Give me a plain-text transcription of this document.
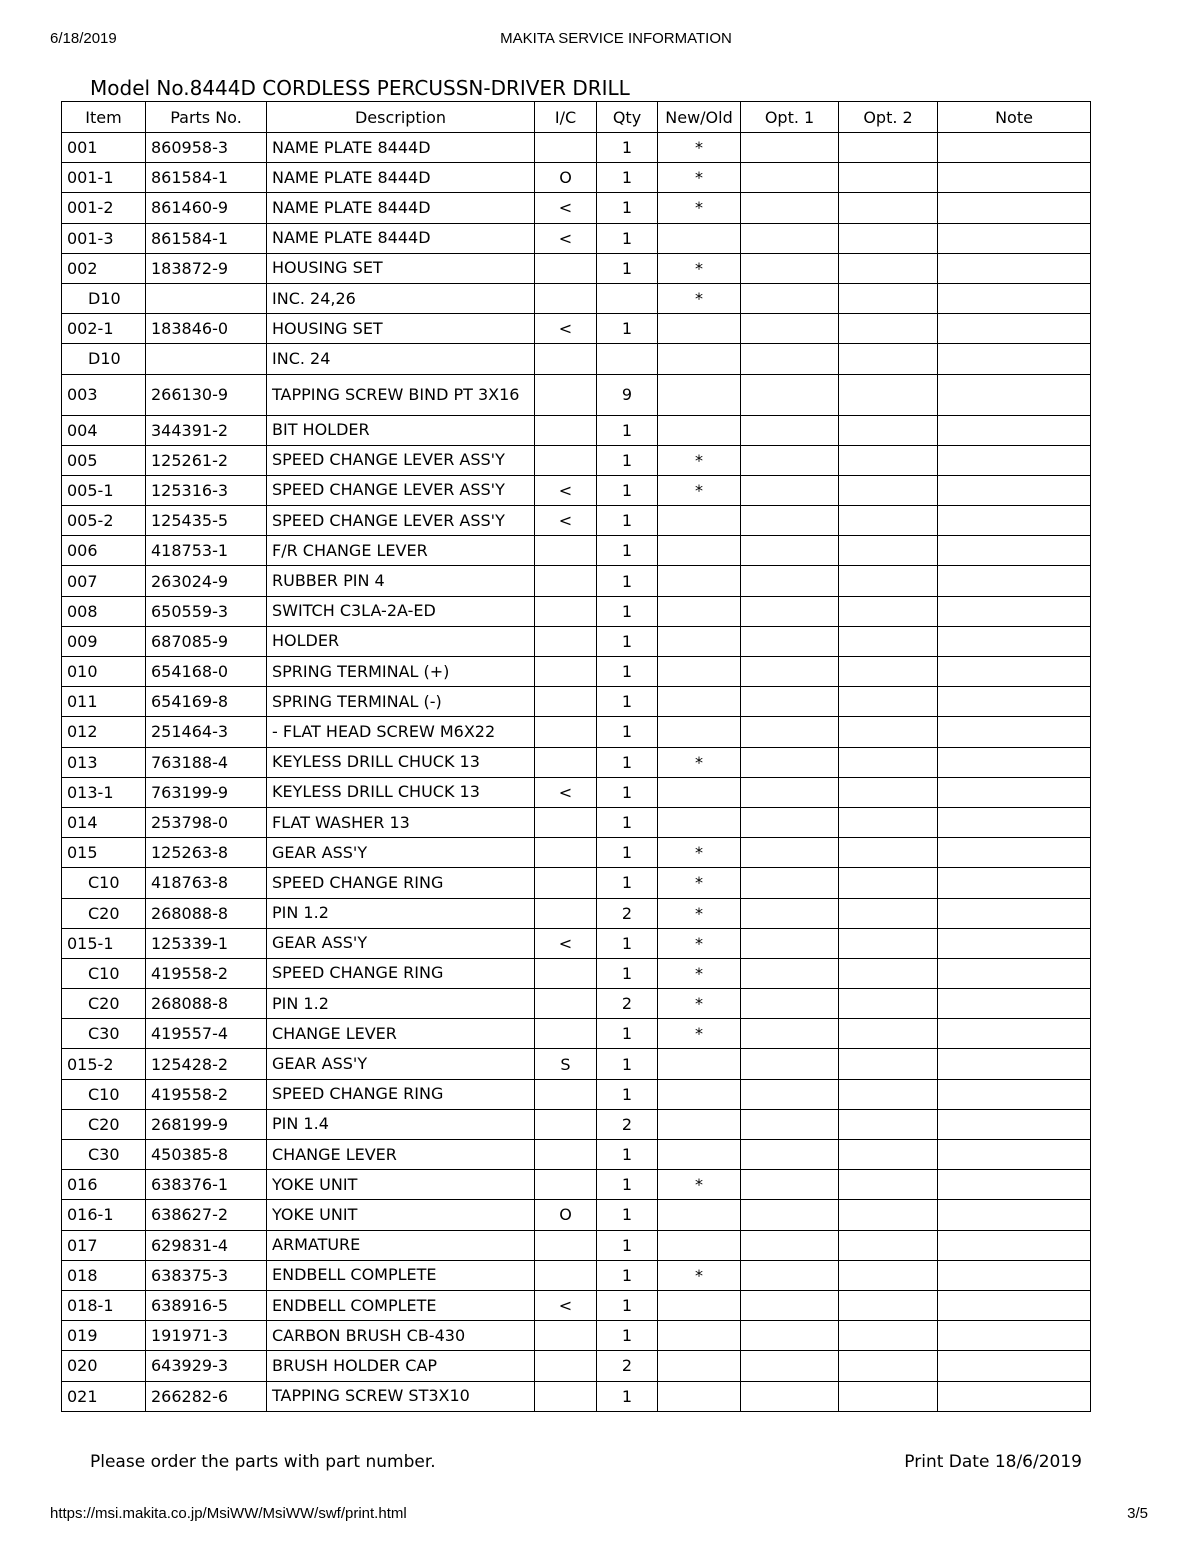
6/18/2019	MAKITA SERVICE INFORMATION
Model No.8444D CORDLESS PERCUSSN-DRIVER DRILL
Item	Parts No.	Description	I/C	Qty	New/Old	Opt. 1	Opt. 2	Note
001	860958-3	NAME PLATE 8444D		1	*			
001-1	861584-1	NAME PLATE 8444D	O	1	*			
001-2	861460-9	NAME PLATE 8444D	<	1	*			
001-3	861584-1	NAME PLATE 8444D	<	1				
002	183872-9	HOUSING SET		1	*			
D10		INC. 24,26			*			
002-1	183846-0	HOUSING SET	<	1				
D10		INC. 24						
003	266130-9	TAPPING SCREW BIND PT 3X16		9				
004	344391-2	BIT HOLDER		1				
005	125261-2	SPEED CHANGE LEVER ASS'Y		1	*			
005-1	125316-3	SPEED CHANGE LEVER ASS'Y	<	1	*			
005-2	125435-5	SPEED CHANGE LEVER ASS'Y	<	1				
006	418753-1	F/R CHANGE LEVER		1				
007	263024-9	RUBBER PIN 4		1				
008	650559-3	SWITCH C3LA-2A-ED		1				
009	687085-9	HOLDER		1				
010	654168-0	SPRING TERMINAL (+)		1				
011	654169-8	SPRING TERMINAL (-)		1				
012	251464-3	- FLAT HEAD SCREW M6X22		1				
013	763188-4	KEYLESS DRILL CHUCK 13		1	*			
013-1	763199-9	KEYLESS DRILL CHUCK 13	<	1				
014	253798-0	FLAT WASHER 13		1				
015	125263-8	GEAR ASS'Y		1	*			
C10	418763-8	SPEED CHANGE RING		1	*			
C20	268088-8	PIN 1.2		2	*			
015-1	125339-1	GEAR ASS'Y	<	1	*			
C10	419558-2	SPEED CHANGE RING		1	*			
C20	268088-8	PIN 1.2		2	*			
C30	419557-4	CHANGE LEVER		1	*			
015-2	125428-2	GEAR ASS'Y	S	1				
C10	419558-2	SPEED CHANGE RING		1				
C20	268199-9	PIN 1.4		2				
C30	450385-8	CHANGE LEVER		1				
016	638376-1	YOKE UNIT		1	*			
016-1	638627-2	YOKE UNIT	O	1				
017	629831-4	ARMATURE		1				
018	638375-3	ENDBELL COMPLETE		1	*			
018-1	638916-5	ENDBELL COMPLETE	<	1				
019	191971-3	CARBON BRUSH CB-430		1				
020	643929-3	BRUSH HOLDER CAP		2				
021	266282-6	TAPPING SCREW ST3X10		1				
Please order the parts with part number.	Print Date 18/6/2019
https://msi.makita.co.jp/MsiWW/MsiWW/swf/print.html	3/5
